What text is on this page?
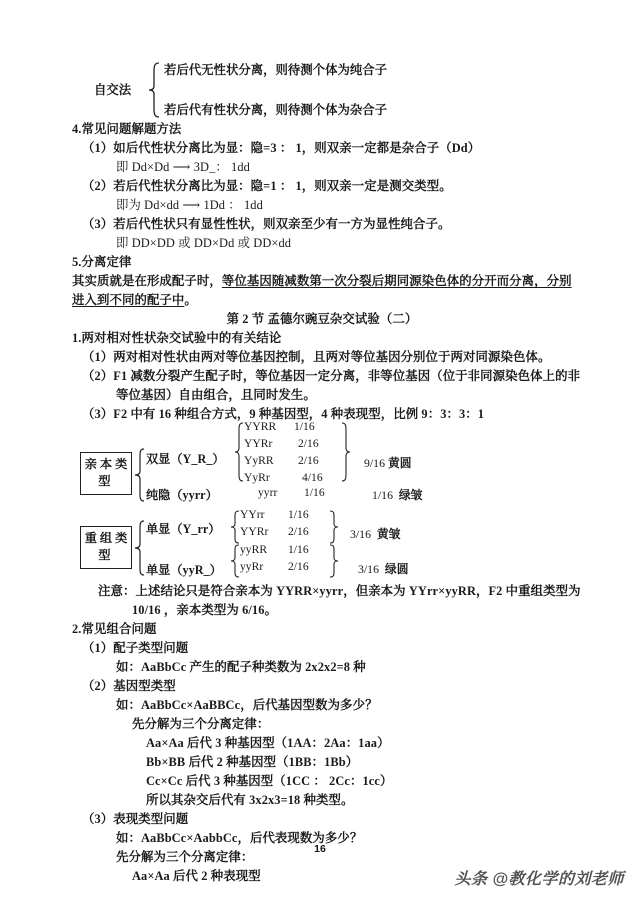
自交法
若后代无性状分离，则待测个体为纯合子
若后代有性状分离，则待测个体为杂合子
4.常见问题解题方法
（1）如后代性状分离比为显：隐=3 ： 1，则双亲一定都是杂合子（Dd）
即 Dd×Dd ⟶ 3D_： 1dd
（2）若后代性状分离比为显：隐=1 ： 1，则双亲一定是测交类型。
即为 Dd×dd ⟶ 1Dd ： 1dd
（3）若后代性状只有显性性状，则双亲至少有一方为显性纯合子。
即 DD×DD 或 DD×Dd 或 DD×dd
5.分离定律
其实质就是在形成配子时，等位基因随减数第一次分裂后期同源染色体的分开而分离，分别
进入到不同的配子中。
第 2 节 孟德尔豌豆杂交试验（二）
1.两对相对性状杂交试验中的有关结论
（1）两对相对性状由两对等位基因控制，且两对等位基因分别位于两对同源染色体。
（2）F1 减数分裂产生配子时，等位基因一定分离，非等位基因（位于非同源染色体上的非
等位基因）自由组合，且同时发生。
（3）F2 中有 16 种组合方式，9 种基因型，4 种表现型，比例 9：3：3：1
亲本类型
双显（Y_R_）
纯隐（yyrr）
YYRR 1/16
YYRr 2/16
YyRR 2/16
YyRr	4/16
9/16 黄圆
yyrr 1/16	1/16 绿皱
重组类型
单显（Y_rr）
单显（yyR_）
YYrr 1/16
YYRr 2/16	3/16 黄皱
yyRR 1/16
yyRr 2/16	3/16 绿圆
注意：上述结论只是符合亲本为 YYRR×yyrr，但亲本为 YYrr×yyRR，F2 中重组类型为
10/16 ，亲本类型为 6/16。
2.常见组合问题
（1）配子类型问题
如：AaBbCc 产生的配子种类数为 2x2x2=8 种
（2）基因型类型
如：AaBbCc×AaBBCc，后代基因型数为多少？
先分解为三个分离定律：
Aa×Aa 后代 3 种基因型（1AA：2Aa：1aa）
Bb×BB 后代 2 种基因型（1BB：1Bb）
Cc×Cc 后代 3 种基因型（1CC ： 2Cc：1cc）
所以其杂交后代有 3x2x3=18 种类型。
（3）表现类型问题
如：AaBbCc×AabbCc，后代表现数为多少？
先分解为三个分离定律：
Aa×Aa 后代 2 种表现型
16
头条 @教化学的刘老师
